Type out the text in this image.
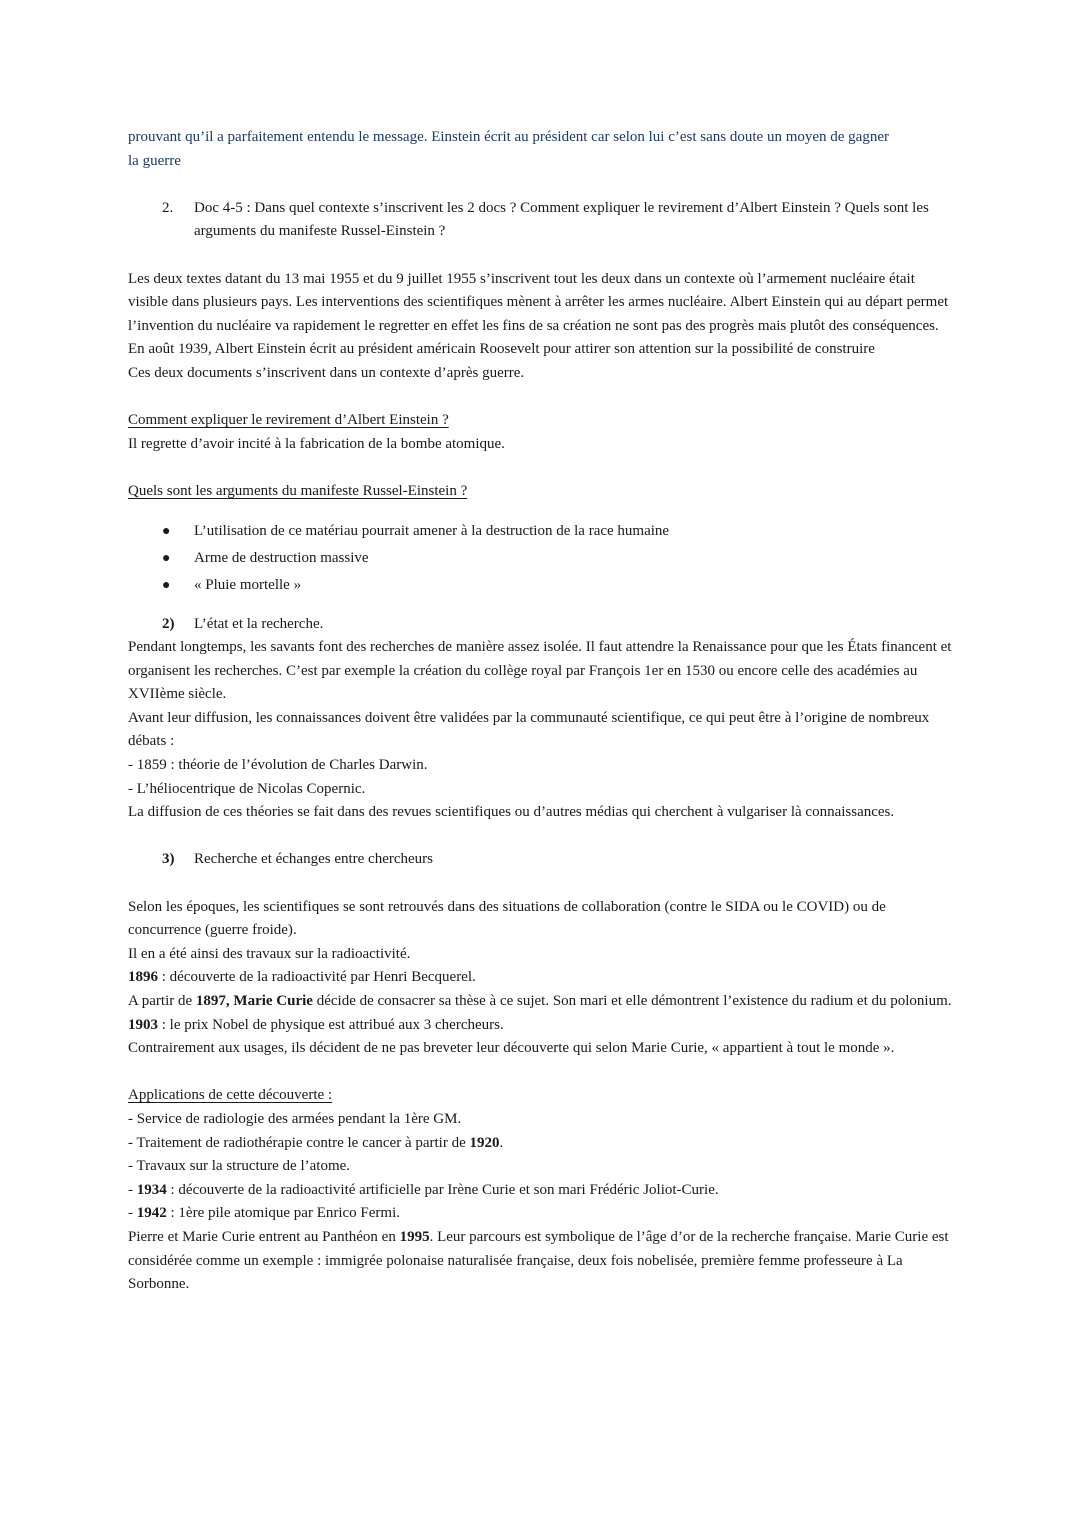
prouvant qu’il a parfaitement entendu le message. Einstein écrit au président car selon lui c’est sans doute un moyen de gagner

la guerre

2.	Doc 4-5 : Dans quel contexte s’inscrivent les 2 docs ? Comment expliquer le revirement d’Albert Einstein ? Quels sont les arguments du manifeste Russel-Einstein ?

Les deux textes datant du 13 mai 1955 et du 9 juillet 1955 s’inscrivent tout les deux dans un contexte où l’armement nucléaire était visible dans plusieurs pays. Les interventions des scientifiques mènent à arrêter les armes nucléaire. Albert Einstein qui au départ permet l’invention du nucléaire va rapidement le regretter en effet les fins de sa création ne sont pas des progrès mais plutôt des conséquences. En août 1939, Albert Einstein écrit au président américain Roosevelt pour attirer son attention sur la possibilité de construire

Ces deux documents s’inscrivent dans un contexte d’après guerre.

Comment expliquer le revirement d’Albert Einstein ?

Il regrette d’avoir incité à la fabrication de la bombe atomique.

Quels sont les arguments du manifeste Russel-Einstein ?

●	L’utilisation de ce matériau pourrait amener à la destruction de la race humaine
●	Arme de destruction massive
●	« Pluie mortelle »
2)	L’état et la recherche.

Pendant longtemps, les savants font des recherches de manière assez isolée. Il faut attendre la Renaissance pour que les États financent et organisent les recherches. C’est par exemple la création du collège royal par François 1er en 1530 ou encore celle des académies au XVIIème siècle.

Avant leur diffusion, les connaissances doivent être validées par la communauté scientifique, ce qui peut être à l’origine de nombreux débats :

- 1859 : théorie de l’évolution de Charles Darwin.

- L’héliocentrique de Nicolas Copernic.

La diffusion de ces théories se fait dans des revues scientifiques ou d’autres médias qui cherchent à vulgariser là connaissances.

3)	Recherche et échanges entre chercheurs

Selon les époques, les scientifiques se sont retrouvés dans des situations de collaboration (contre le SIDA ou le COVID) ou de concurrence (guerre froide).

Il en a été ainsi des travaux sur la radioactivité.

1896 : découverte de la radioactivité par Henri Becquerel.

A partir de 1897, Marie Curie décide de consacrer sa thèse à ce sujet. Son mari et elle démontrent l’existence du radium et du polonium.

1903 : le prix Nobel de physique est attribué aux 3 chercheurs.

Contrairement aux usages, ils décident de ne pas breveter leur découverte qui selon Marie Curie, « appartient à tout le monde ».

Applications de cette découverte :

- Service de radiologie des armées pendant la 1ère GM.

- Traitement de radiothérapie contre le cancer à partir de 1920.

- Travaux sur la structure de l’atome.

- 1934 : découverte de la radioactivité artificielle par Irène Curie et son mari Frédéric Joliot-Curie.

- 1942 : 1ère pile atomique par Enrico Fermi.

Pierre et Marie Curie entrent au Panthéon en 1995. Leur parcours est symbolique de l’âge d’or de la recherche française. Marie Curie est considérée comme un exemple : immigrée polonaise naturalisée française, deux fois nobelisée, première femme professeure à La Sorbonne.
